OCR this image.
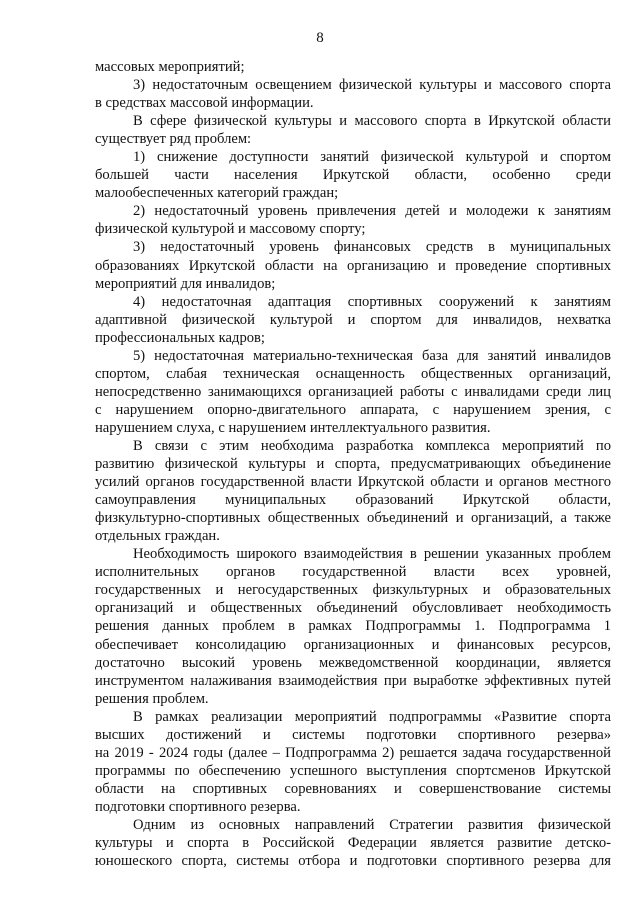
8
массовых мероприятий;
3) недостаточным освещением физической культуры и массового спорта
в средствах массовой информации.
В сфере физической культуры и массового спорта в Иркутской области
существует ряд проблем:
1) снижение доступности занятий физической культурой и спортом
большей части населения Иркутской области, особенно среди
малообеспеченных категорий граждан;
2) недостаточный уровень привлечения детей и молодежи к занятиям
физической культурой и массовому спорту;
3) недостаточный уровень финансовых средств в муниципальных
образованиях Иркутской области на организацию и проведение спортивных
мероприятий для инвалидов;
4) недостаточная адаптация спортивных сооружений к занятиям
адаптивной физической культурой и спортом для инвалидов, нехватка
профессиональных кадров;
5) недостаточная материально-техническая база для занятий инвалидов
спортом, слабая техническая оснащенность общественных организаций,
непосредственно занимающихся организацией работы с инвалидами среди лиц
с нарушением опорно-двигательного аппарата, с нарушением зрения, с
нарушением слуха, с нарушением интеллектуального развития.
В связи с этим необходима разработка комплекса мероприятий по
развитию физической культуры и спорта, предусматривающих объединение
усилий органов государственной власти Иркутской области и органов местного
самоуправления муниципальных образований Иркутской области,
физкультурно-спортивных общественных объединений и организаций, а также
отдельных граждан.
Необходимость широкого взаимодействия в решении указанных проблем
исполнительных органов государственной власти всех уровней,
государственных и негосударственных физкультурных и образовательных
организаций и общественных объединений обусловливает необходимость
решения данных проблем в рамках Подпрограммы 1. Подпрограмма 1
обеспечивает консолидацию организационных и финансовых ресурсов,
достаточно высокий уровень межведомственной координации, является
инструментом налаживания взаимодействия при выработке эффективных путей
решения проблем.
В рамках реализации мероприятий подпрограммы «Развитие спорта
высших достижений и системы подготовки спортивного резерва»
на 2019 - 2024 годы (далее – Подпрограмма 2) решается задача государственной
программы по обеспечению успешного выступления спортсменов Иркутской
области на спортивных соревнованиях и совершенствование системы
подготовки спортивного резерва.
Одним из основных направлений Стратегии развития физической
культуры и спорта в Российской Федерации является развитие детско-
юношеского спорта, системы отбора и подготовки спортивного резерва для
